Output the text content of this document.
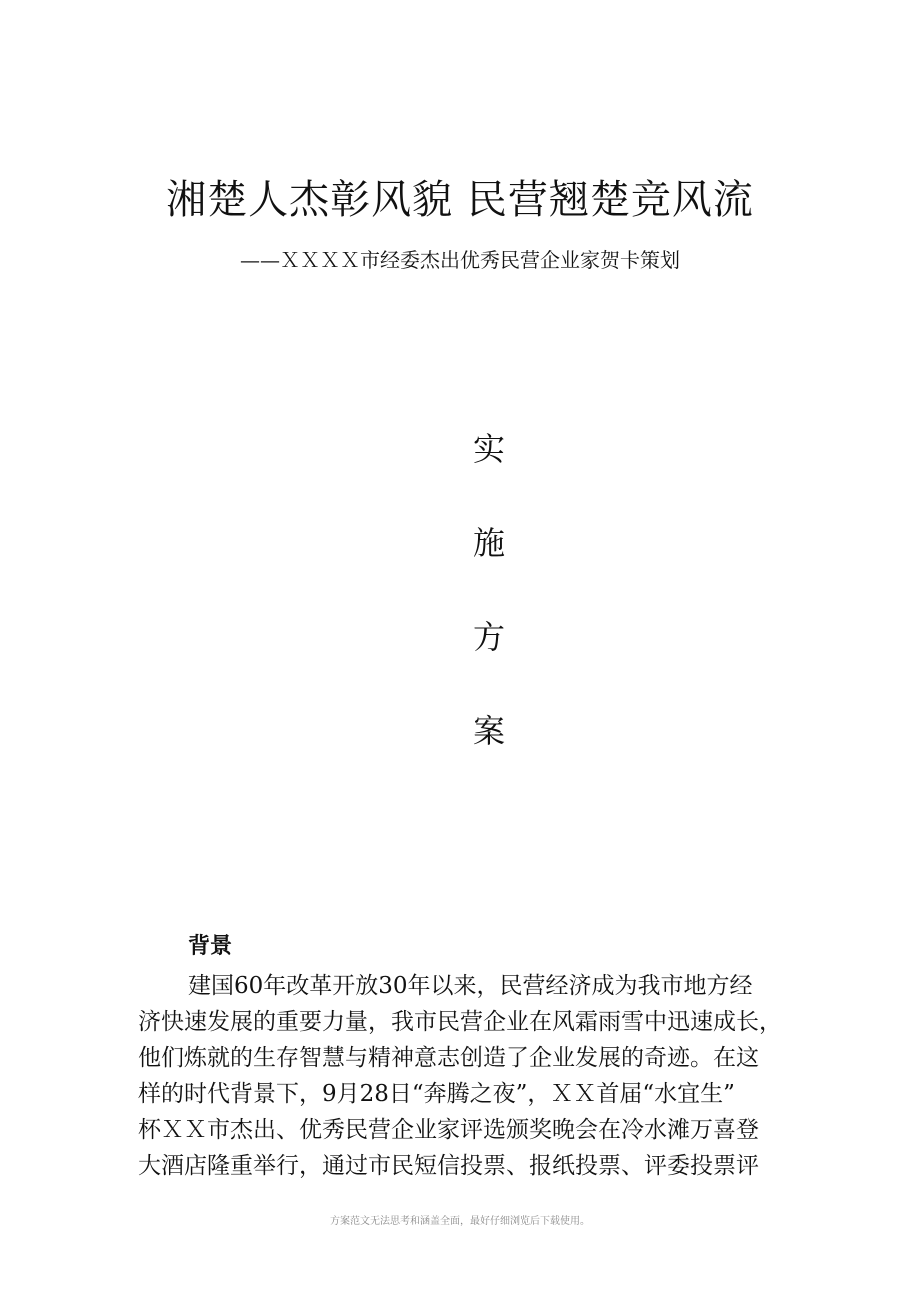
湘楚人杰彰风貌 民营翘楚竞风流
——ＸＸＸＸ市经委杰出优秀民营企业家贺卡策划
实
施
方
案
背景
建国60年改革开放30年以来，民营经济成为我市地方经
济快速发展的重要力量，我市民营企业在风霜雨雪中迅速成长，
他们炼就的生存智慧与精神意志创造了企业发展的奇迹。在这
样的时代背景下，9月28日“奔腾之夜”，ＸＸ首届“水宜生”
杯ＸＸ市杰出、优秀民营企业家评选颁奖晚会在冷水滩万喜登
大酒店隆重举行，通过市民短信投票、报纸投票、评委投票评
方案范文无法思考和涵盖全面，最好仔细浏览后下载使用。
